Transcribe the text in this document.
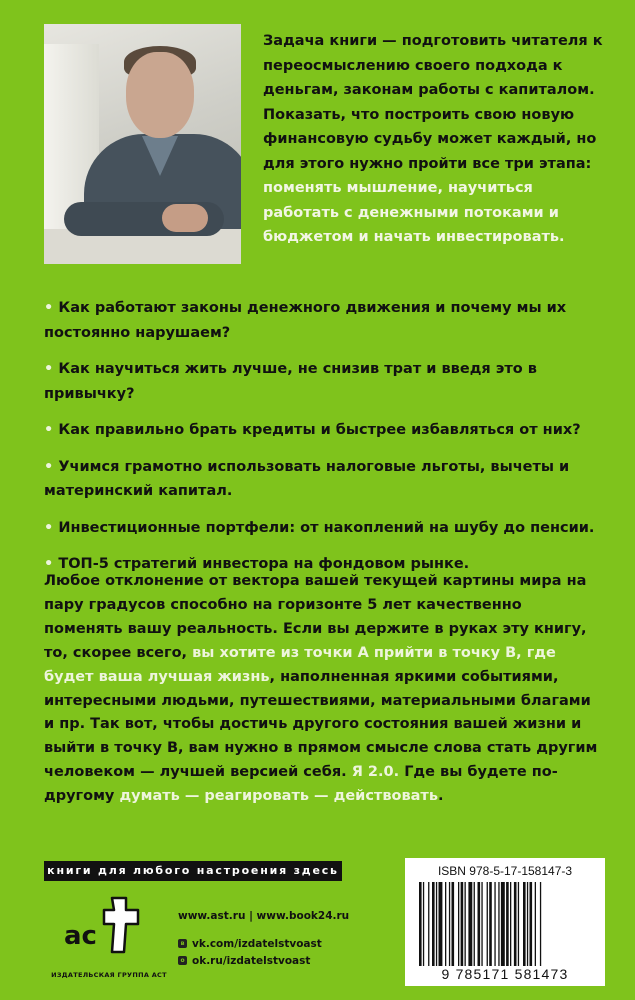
Задача книги — подготовить читателя к переосмыслению своего подхода к деньгам, законам работы с капиталом. Показать, что построить свою новую финансовую судьбу может каждый, но для этого нужно пройти все три этапа: поменять мышление, научиться работать с денежными потоками и бюджетом и начать инвестировать.

• Как работают законы денежного движения и почему мы их постоянно нарушаем?
• Как научиться жить лучше, не снизив трат и введя это в привычку?
• Как правильно брать кредиты и быстрее избавляться от них?
• Учимся грамотно использовать налоговые льготы, вычеты и материнский капитал.
• Инвестиционные портфели: от накоплений на шубу до пенсии.
• ТОП-5 стратегий инвестора на фондовом рынке.

Любое отклонение от вектора вашей текущей картины мира на пару градусов способно на горизонте 5 лет качественно поменять вашу реальность. Если вы держите в руках эту книгу, то, скорее всего, вы хотите из точки А прийти в точку В, где будет ваша лучшая жизнь, наполненная яркими событиями, интересными людьми, путешествиями, материальными благами и пр. Так вот, чтобы достичь другого состояния вашей жизни и выйти в точку В, вам нужно в прямом смысле слова стать другим человеком — лучшей версией себя. Я 2.0. Где вы будете по-другому думать — реагировать — действовать.

книги для любого настроения здесь
ас
ИЗДАТЕЛЬСКАЯ ГРУППА АСТ
www.ast.ru | www.book24.ru
в vk.com/izdatelstvoast
о ok.ru/izdatelstvoast
ISBN 978-5-17-158147-3
9 785171 581473
